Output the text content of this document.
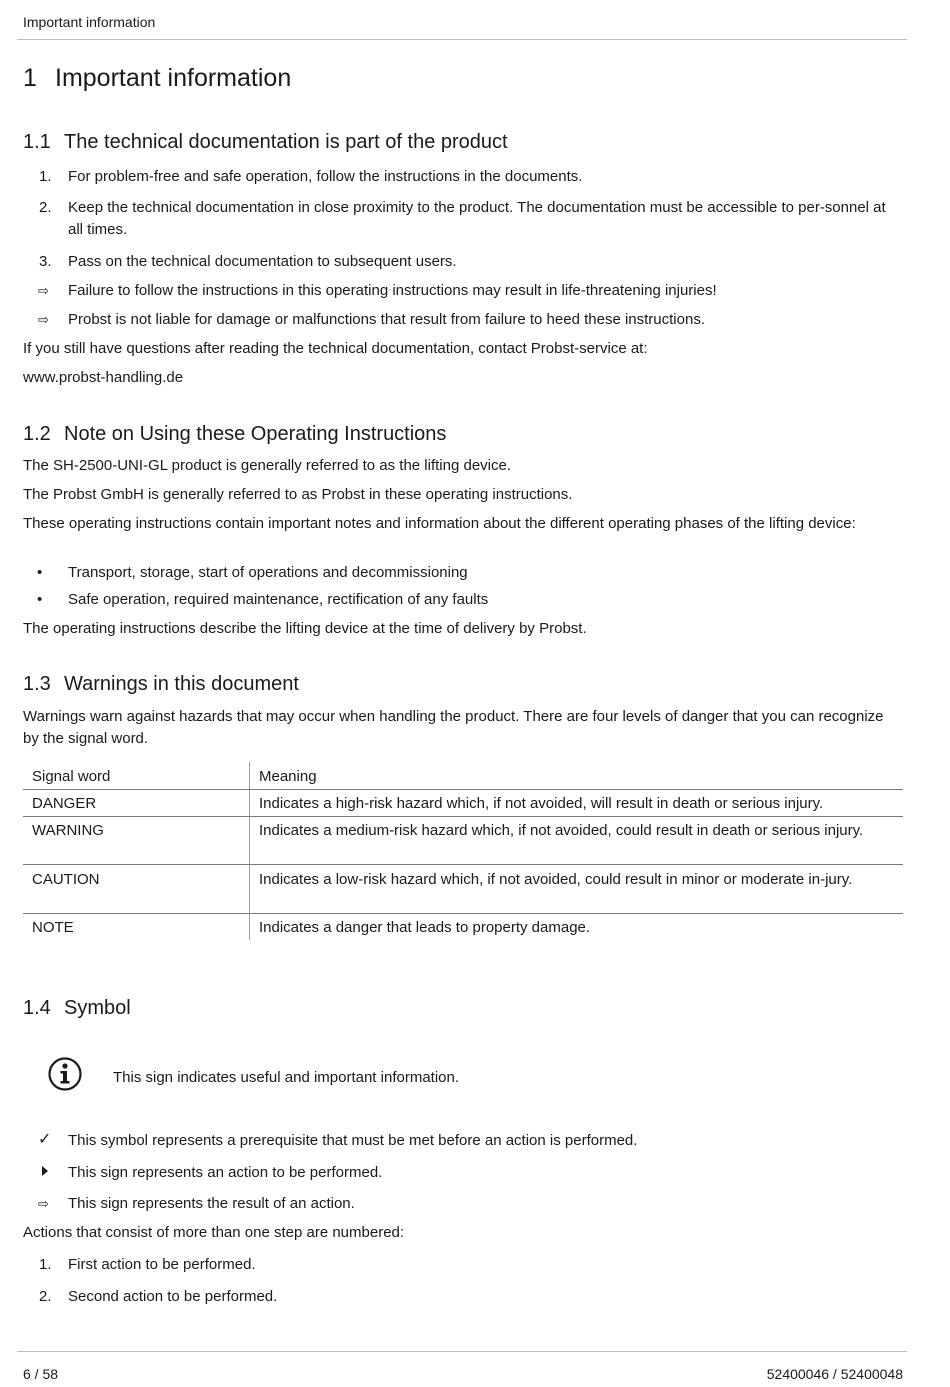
Important information
1 Important information
1.1 The technical documentation is part of the product
1. For problem-free and safe operation, follow the instructions in the documents.
2. Keep the technical documentation in close proximity to the product. The documentation must be accessible to per-sonnel at all times.
3. Pass on the technical documentation to subsequent users.
⇨ Failure to follow the instructions in this operating instructions may result in life-threatening injuries!
⇨ Probst is not liable for damage or malfunctions that result from failure to heed these instructions.
If you still have questions after reading the technical documentation, contact Probst-service at:
www.probst-handling.de
1.2 Note on Using these Operating Instructions
The SH-2500-UNI-GL product is generally referred to as the lifting device.
The Probst GmbH is generally referred to as Probst in these operating instructions.
These operating instructions contain important notes and information about the different operating phases of the lifting device:
• Transport, storage, start of operations and decommissioning
• Safe operation, required maintenance, rectification of any faults
The operating instructions describe the lifting device at the time of delivery by Probst.
1.3 Warnings in this document
Warnings warn against hazards that may occur when handling the product. There are four levels of danger that you can recognize by the signal word.
Signal word	Meaning
DANGER	Indicates a high-risk hazard which, if not avoided, will result in death or serious injury.
WARNING	Indicates a medium-risk hazard which, if not avoided, could result in death or serious injury.
CAUTION	Indicates a low-risk hazard which, if not avoided, could result in minor or moderate in-jury.
NOTE	Indicates a danger that leads to property damage.
1.4 Symbol
This sign indicates useful and important information.
✓ This symbol represents a prerequisite that must be met before an action is performed.
This sign represents an action to be performed.
⇨ This sign represents the result of an action.
Actions that consist of more than one step are numbered:
1. First action to be performed.
2. Second action to be performed.
6 / 58	52400046 / 52400048
